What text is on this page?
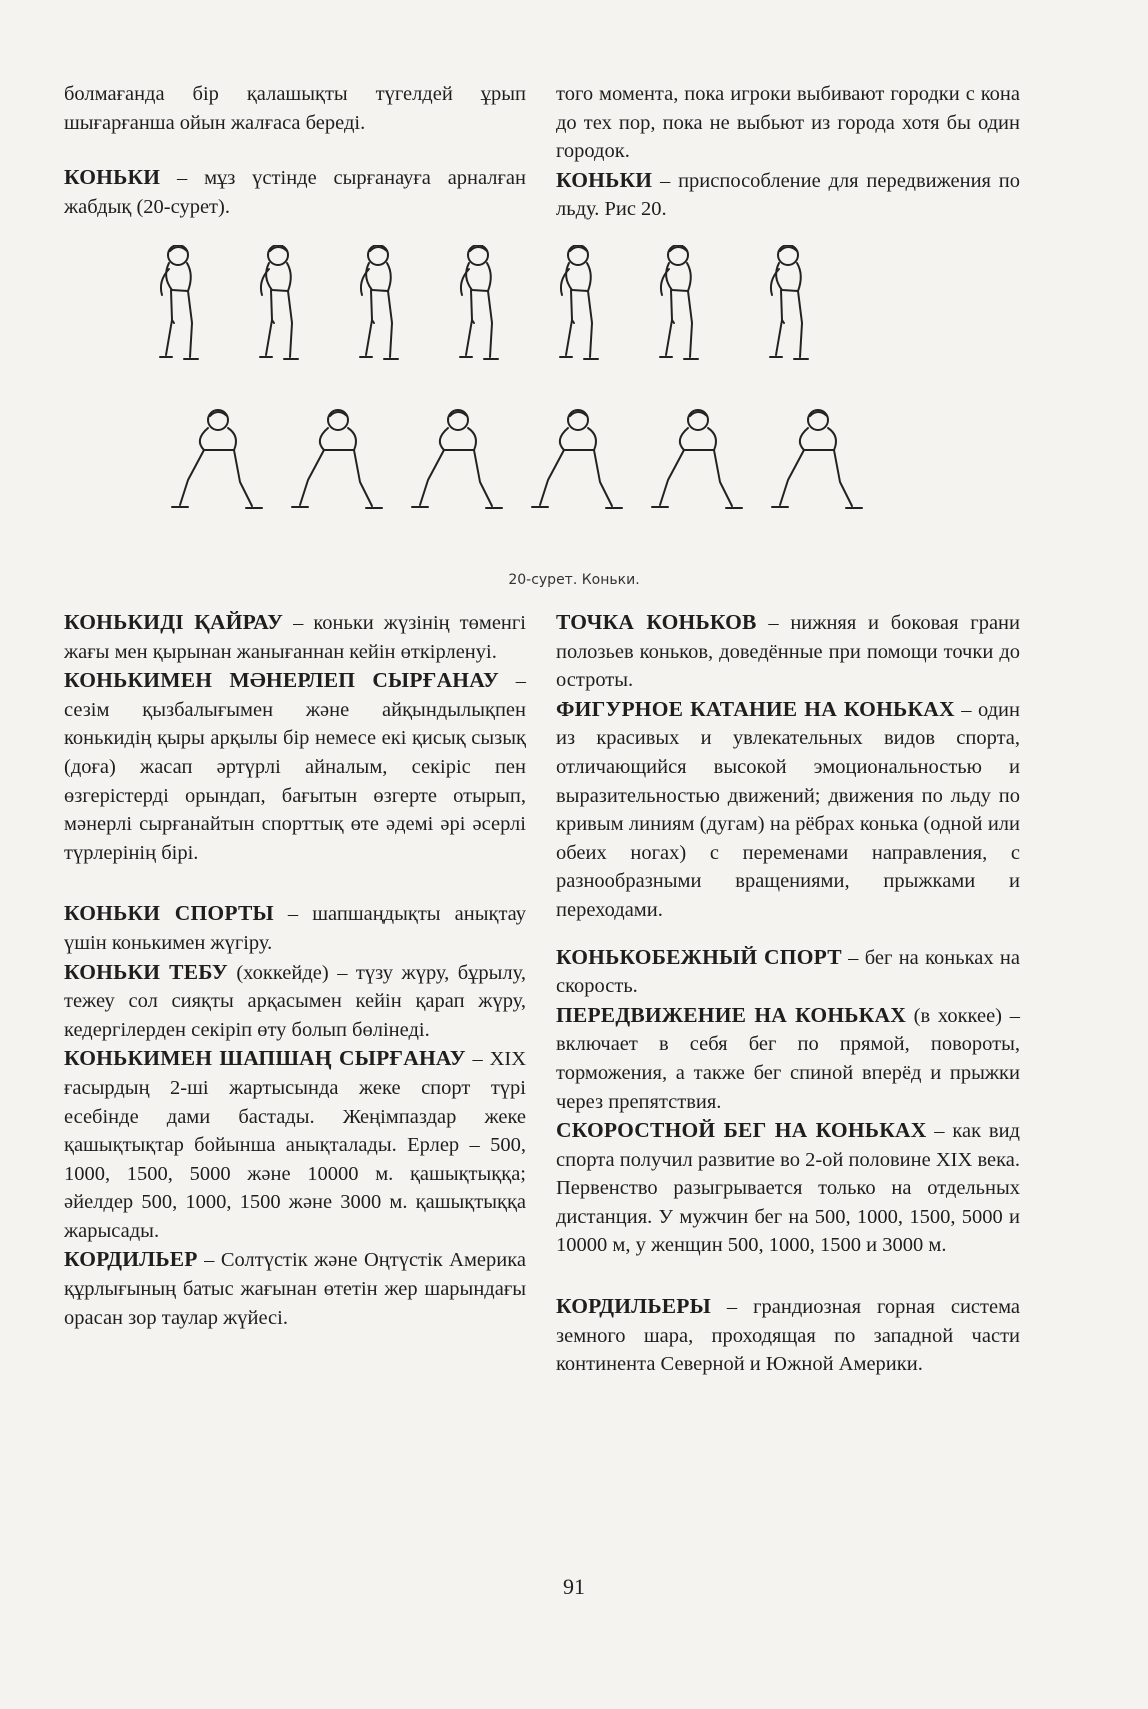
болмағанда бір қалашықты түгелдей ұрып шығарғанша ойын жалғаса береді.

КОНЬКИ – мұз үстінде сырғанауға арналған жабдық (20-сурет).

того момента, пока игроки выбивают городки с кона до тех пор, пока не выбьют из города хотя бы один городок.

КОНЬКИ – приспособление для передвижения по льду. Рис 20.

20-сурет. Коньки.

КОНЬКИДІ ҚАЙРАУ – коньки жүзінің төменгі жағы мен қырынан жанығаннан кейін өткірленуі.

КОНЬКИМЕН МӘНЕРЛЕП СЫРҒАНАУ – сезім қызбалығымен және айқындылықпен конькидің қыры арқылы бір немесе екі қисық сызық (доға) жасап әртүрлі айналым, секіріс пен өзгерістерді орындап, бағытын өзгерте отырып, мәнерлі сырғанайтын спорттық өте әдемі әрі әсерлі түрлерінің бірі.

КОНЬКИ СПОРТЫ – шапшаңдықты анықтау үшін конькимен жүгіру.

КОНЬКИ ТЕБУ (хоккейде) – түзу жүру, бұрылу, тежеу сол сияқты арқасымен кейін қарап жүру, кедергілерден секіріп өту болып бөлінеді.

КОНЬКИМЕН ШАПШАҢ СЫРҒАНАУ – XIX ғасырдың 2-ші жартысында жеке спорт түрі есебінде дами бастады. Жеңімпаздар жеке қашықтықтар бойынша анықталады. Ерлер – 500, 1000, 1500, 5000 және 10000 м. қашықтыққа; әйелдер 500, 1000, 1500 және 3000 м. қашықтыққа жарысады.

КОРДИЛЬЕР – Солтүстік және Оңтүстік Америка құрлығының батыс жағынан өтетін жер шарындағы орасан зор таулар жүйесі.

ТОЧКА КОНЬКОВ – нижняя и боковая грани полозьев коньков, доведённые при помощи точки до остроты.

ФИГУРНОЕ КАТАНИЕ НА КОНЬКАХ – один из красивых и увлекательных видов спорта, отличающийся высокой эмоциональностью и выразительностью движений; движения по льду по кривым линиям (дугам) на рёбрах конька (одной или обеих ногах) с переменами направления, с разнообразными вращениями, прыжками и переходами.

КОНЬКОБЕЖНЫЙ СПОРТ – бег на коньках на скорость.

ПЕРЕДВИЖЕНИЕ НА КОНЬКАХ (в хоккее) – включает в себя бег по прямой, повороты, торможения, а также бег спиной вперёд и прыжки через препятствия.

СКОРОСТНОЙ БЕГ НА КОНЬКАХ – как вид спорта получил развитие во 2-ой половине XIX века. Первенство разыгрывается только на отдельных дистанция. У мужчин бег на 500, 1000, 1500, 5000 и 10000 м, у женщин 500, 1000, 1500 и 3000 м.

КОРДИЛЬЕРЫ – грандиозная горная система земного шара, проходящая по западной части континента Северной и Южной Америки.

91
